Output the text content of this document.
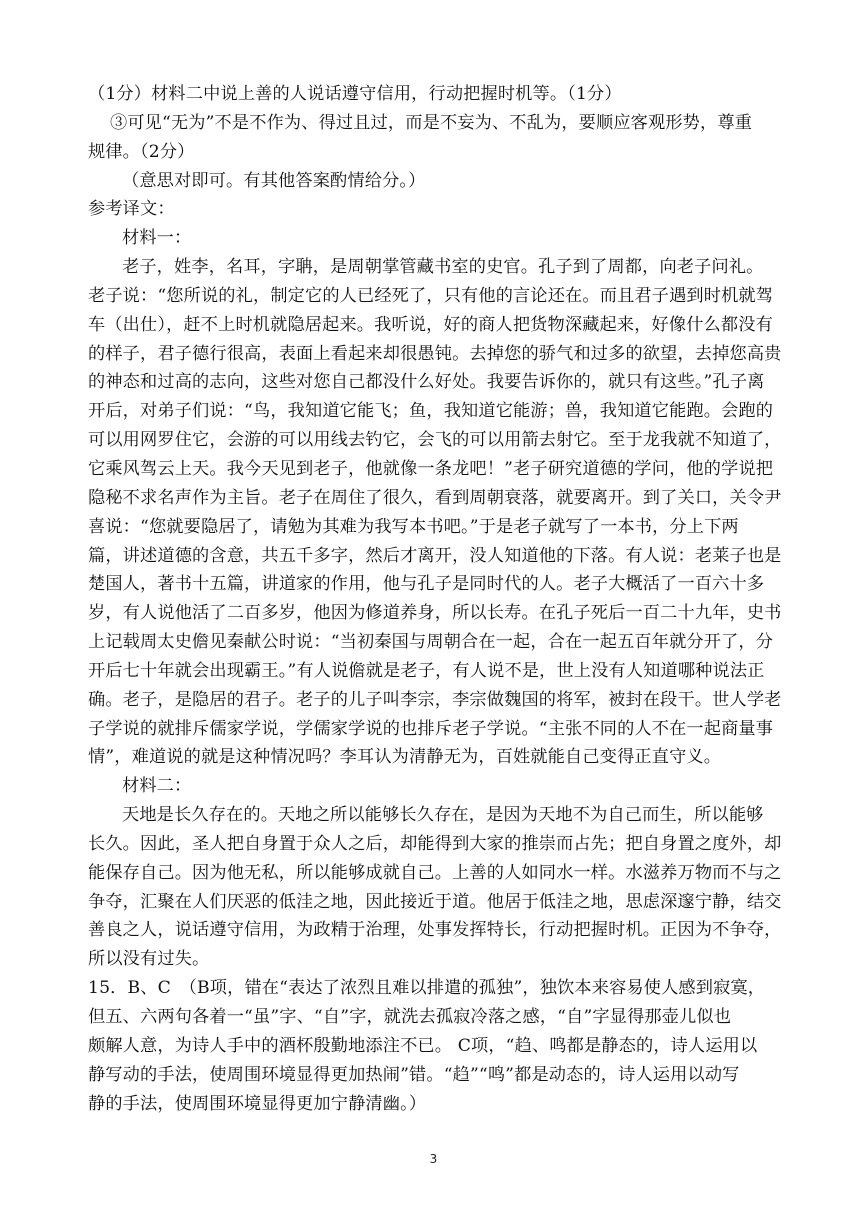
（1分）材料二中说上善的人说话遵守信用，行动把握时机等。（1分）
③可见“无为”不是不作为、得过且过，而是不妄为、不乱为，要顺应客观形势，尊重
规律。（2分）
（意思对即可。有其他答案酌情给分。）
参考译文：
材料一：
老子，姓李，名耳，字聃，是周朝掌管藏书室的史官。孔子到了周都，向老子问礼。
老子说：“您所说的礼，制定它的人已经死了，只有他的言论还在。而且君子遇到时机就驾
车（出仕），赶不上时机就隐居起来。我听说，好的商人把货物深藏起来，好像什么都没有
的样子，君子德行很高，表面上看起来却很愚钝。去掉您的骄气和过多的欲望，去掉您高贵
的神态和过高的志向，这些对您自己都没什么好处。我要告诉你的，就只有这些。”孔子离
开后，对弟子们说：“鸟，我知道它能飞；鱼，我知道它能游；兽，我知道它能跑。会跑的
可以用网罗住它，会游的可以用线去钓它，会飞的可以用箭去射它。至于龙我就不知道了，
它乘风驾云上天。我今天见到老子，他就像一条龙吧！”老子研究道德的学问，他的学说把
隐秘不求名声作为主旨。老子在周住了很久，看到周朝衰落，就要离开。到了关口，关令尹
喜说：“您就要隐居了，请勉为其难为我写本书吧。”于是老子就写了一本书，分上下两
篇，讲述道德的含意，共五千多字，然后才离开，没人知道他的下落。有人说：老莱子也是
楚国人，著书十五篇，讲道家的作用，他与孔子是同时代的人。老子大概活了一百六十多
岁，有人说他活了二百多岁，他因为修道养身，所以长寿。在孔子死后一百二十九年，史书
上记载周太史儋见秦献公时说：“当初秦国与周朝合在一起，合在一起五百年就分开了，分
开后七十年就会出现霸王。”有人说儋就是老子，有人说不是，世上没有人知道哪种说法正
确。老子，是隐居的君子。老子的儿子叫李宗，李宗做魏国的将军，被封在段干。世人学老
子学说的就排斥儒家学说，学儒家学说的也排斥老子学说。“主张不同的人不在一起商量事
情”，难道说的就是这种情况吗？李耳认为清静无为，百姓就能自己变得正直守义。
材料二：
天地是长久存在的。天地之所以能够长久存在，是因为天地不为自己而生，所以能够
长久。因此，圣人把自身置于众人之后，却能得到大家的推崇而占先；把自身置之度外，却
能保存自己。因为他无私，所以能够成就自己。上善的人如同水一样。水滋养万物而不与之
争夺，汇聚在人们厌恶的低洼之地，因此接近于道。他居于低洼之地，思虑深邃宁静，结交
善良之人，说话遵守信用，为政精于治理，处事发挥特长，行动把握时机。正因为不争夺，
所以没有过失。
15．B、C　（B项，错在“表达了浓烈且难以排遣的孤独”，独饮本来容易使人感到寂寞，
但五、六两句各着一“虽”字、“自”字，就洗去孤寂冷落之感，“自”字显得那壶儿似也
颇解人意，为诗人手中的酒杯殷勤地添注不已。 C项，“趋、鸣都是静态的，诗人运用以
静写动的手法，使周围环境显得更加热闹”错。“趋”“鸣”都是动态的，诗人运用以动写
静的手法，使周围环境显得更加宁静清幽。）
3
